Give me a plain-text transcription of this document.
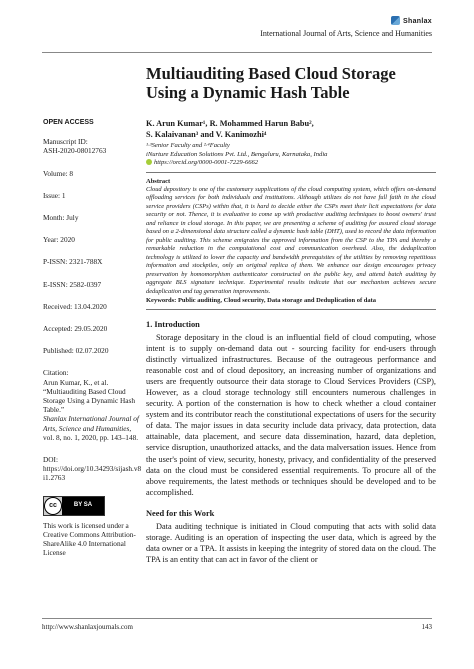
Shanlax
International Journal of Arts, Science and Humanities
Multiauditing Based Cloud Storage Using a Dynamic Hash Table
OPEN ACCESS
Manuscript ID:
ASH-2020-08012763
Volume: 8
Issue: 1
Month: July
Year: 2020
P-ISSN: 2321-788X
E-ISSN: 2582-0397
Received: 13.04.2020
Accepted: 29.05.2020
Published: 02.07.2020
Citation:
Arun Kumar, K., et al.
“Multiauditing Based Cloud Storage Using a Dynamic Hash Table.”
Shanlax International Journal of Arts, Science and Humanities, vol. 8, no. 1, 2020, pp. 143–148.
DOI:
https://doi.org/10.34293/sijash.v8i1.2763
cc	BY SA
This work is licensed under a Creative Commons Attribution-ShareAlike 4.0 International License
K. Arun Kumar¹, R. Mohammed Harun Babu²,
S. Kalaivanan³ and V. Kanimozhi⁴
¹·³Senior Faculty and ²·⁴Faculty
iNurture Education Solutions Pvt. Ltd., Bengaluru, Karnataka, India
https://orcid.org/0000-0001-7229-6662
Abstract
Cloud depository is one of the customary supplications of the cloud computing system, which offers on-demand offloading services for both individuals and institutions. Although utilizes do not have full faith in the cloud service providers (CSPs) within that, it is hard to decide either the CSPs meet their licit expectations for data security or not. Thence, it is evaluative to come up with productive auditing techniques to boost owners' trust and reliance in cloud storage. In this paper, we are presenting a scheme of auditing for assured cloud storage based on a 2-dimensional data structure called a dynamic hash table (DHT), used to record the data information for public auditing. This scheme emigrates the approved information from the CSP to the TPA and thereby a remarkable reduction in the computational cost and communication overhead. Also, the deduplication technology is utilized to lower the capacity and bandwidth prerequisites of the utilities by removing repetitious information and stockpiles, only an original replica of them. We enhance our design encourages privacy preservation by homomorphism authenticator constructed on the public key, and attend batch auditing by aggregate BLS signature technique. Experimental results indicate that our mechanism achieves secure deduplication and tag generation improvements.
Keywords: Public auditing, Cloud security, Data storage and Deduplication of data
1. Introduction
Storage depositary in the cloud is an influential field of cloud computing, whose intent is to supply on-demand data out - sourcing facility for end-users through distinctly virtualized infrastructures. Because of the outrageous performance and reasonable cost and of cloud depository, an increasing number of organizations and users are frequently outsource their data storage to Cloud Services Providers (CSP), However, as a cloud storage technology still encounters numerous challenges in security. A portion of the consternation is how to check whether a cloud container system and its contributor reach the constitutional expectations of users for the security of data. The major issues in data security include data privacy, data protection, data attainable, data placement, and secure data dissemination, hazard, data depletion, service disruption, unauthorized attacks, and the data malversation issues. Hence from the user's point of view, security, honesty, privacy, and confidentiality of the preserved data on the cloud must be considered essential requirements. To procure all of the above requirements, the latest methods or techniques should be developed and to be accomplished.
Need for this Work
Data auditing technique is initiated in Cloud computing that acts with solid data storage. Auditing is an operation of inspecting the user data, which is agreed by the data owner or a TPA. It assists in keeping the integrity of stored data on the cloud. The TPA is an entity that can act in favor of the client or
http://www.shanlaxjournals.com	143
